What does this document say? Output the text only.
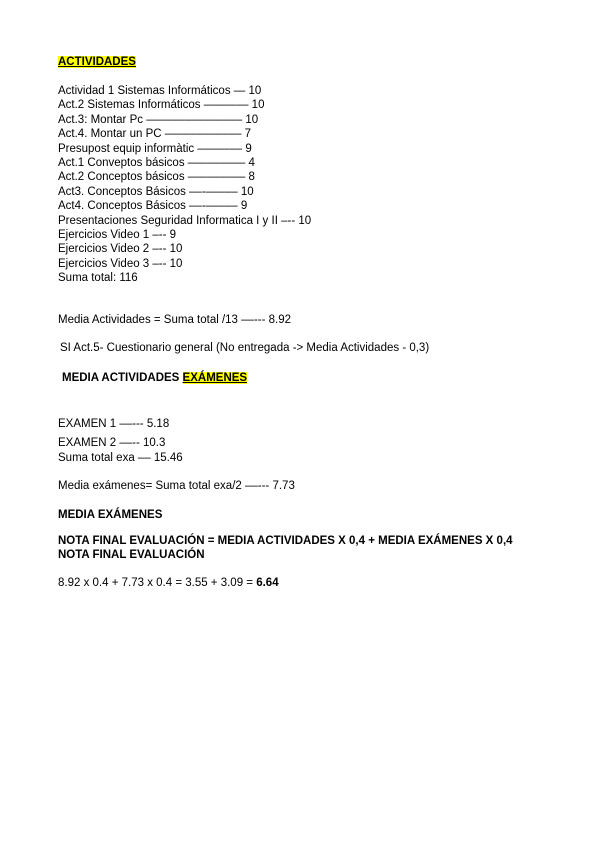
ACTIVIDADES
Actividad 1 Sistemas Informáticos — 10
Act.2 Sistemas Informáticos ––––––– 10
Act.3: Montar Pc ––––––––––––––– 10
Act.4. Montar un PC –––––––––––– 7
Presupost equip informàtic ––––––– 9
Act.1 Conveptos básicos ––––––––– 4
Act.2 Conceptos básicos ––––––––– 8
Act3. Conceptos Básicos ––-––––– 10
Act4. Conceptos Básicos ––-––––– 9
Presentaciones Seguridad Informatica I y II –-- 10
Ejercicios Video 1 –-- 9
Ejercicios Video 2 –-- 10
Ejercicios Video 3 –-- 10
Suma total: 116
Media Actividades = Suma total /13 ––--- 8.92
SI Act.5- Cuestionario general (No entregada -> Media Actividades - 0,3)
MEDIA ACTIVIDADES EXÁMENES
EXAMEN 1 ––--- 5.18
EXAMEN 2 ––-- 10.3
Suma total exa –– 15.46
Media exámenes= Suma total exa/2 ––--- 7.73
MEDIA EXÁMENES
NOTA FINAL EVALUACIÓN = MEDIA ACTIVIDADES X 0,4 + MEDIA EXÁMENES X 0,4
NOTA FINAL EVALUACIÓN
8.92 x 0.4 + 7.73 x 0.4 = 3.55 + 3.09 = 6.64
